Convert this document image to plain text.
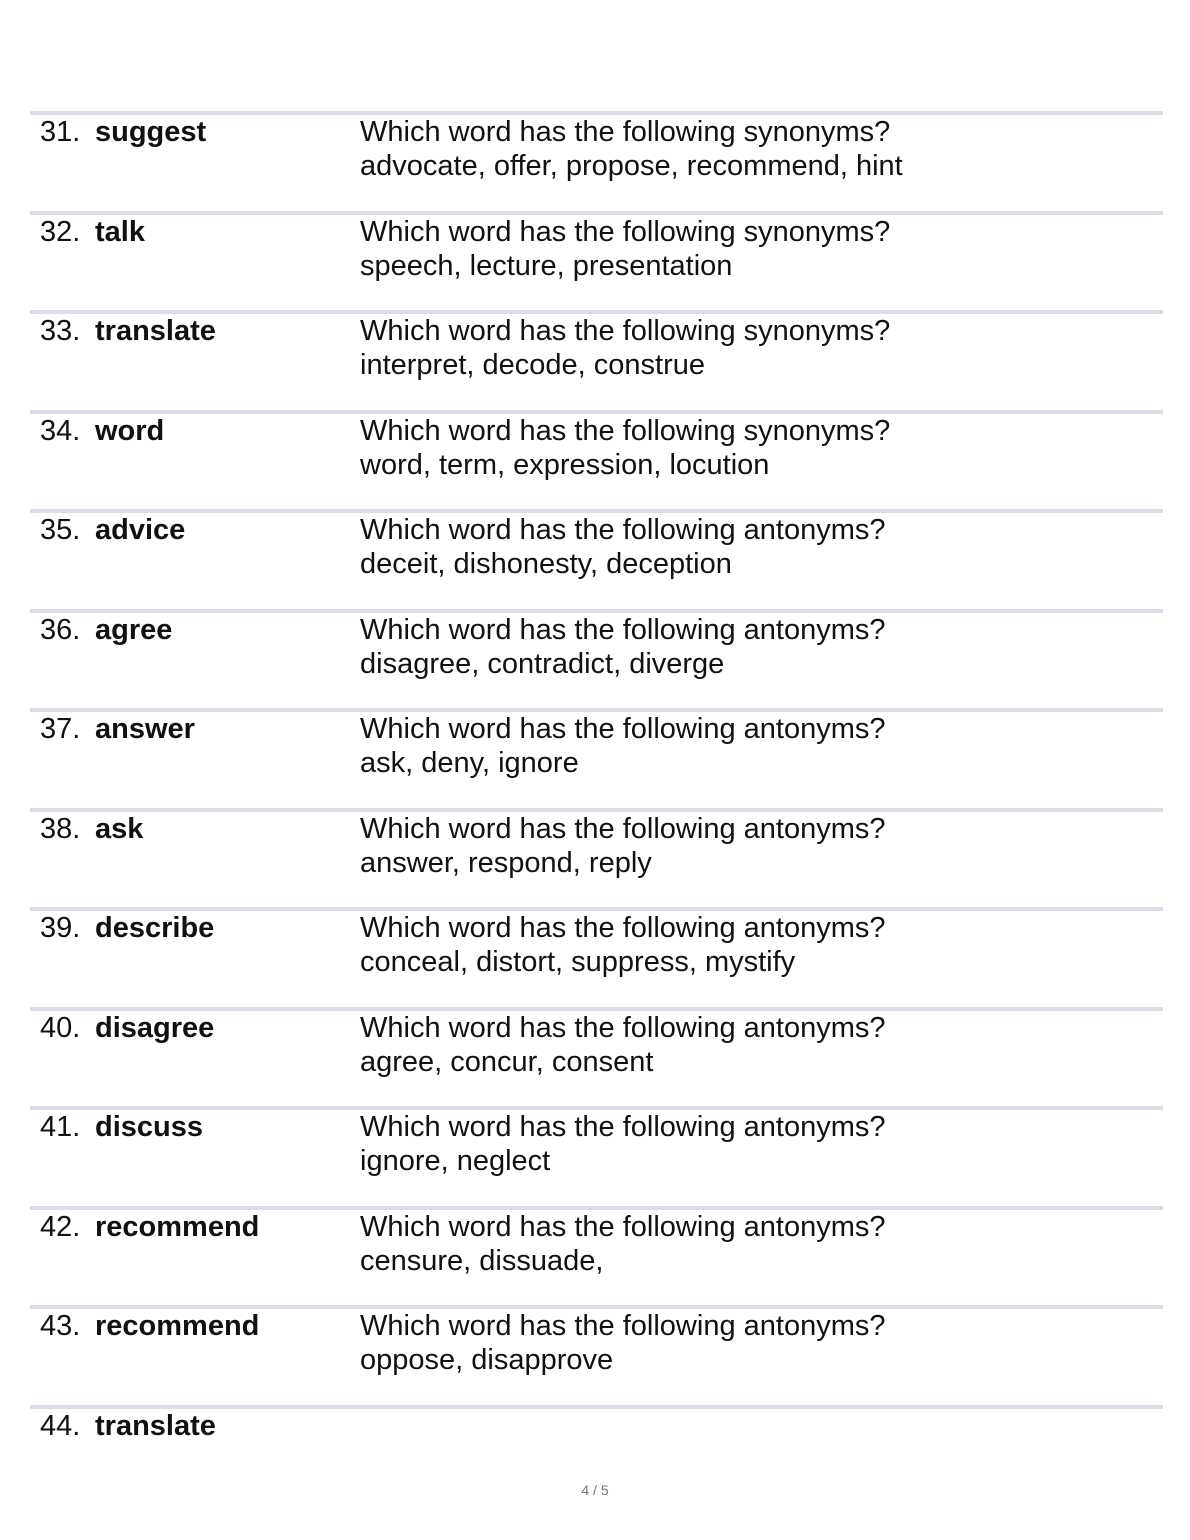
31. suggest	Which word has the following synonyms?
advocate, offer, propose, recommend, hint
32. talk	Which word has the following synonyms?
speech, lecture, presentation
33. translate	Which word has the following synonyms?
interpret, decode, construe
34. word	Which word has the following synonyms?
word, term, expression, locution
35. advice	Which word has the following antonyms?
deceit, dishonesty, deception
36. agree	Which word has the following antonyms?
disagree, contradict, diverge
37. answer	Which word has the following antonyms?
ask, deny, ignore
38. ask	Which word has the following antonyms?
answer, respond, reply
39. describe	Which word has the following antonyms?
conceal, distort, suppress, mystify
40. disagree	Which word has the following antonyms?
agree, concur, consent
41. discuss	Which word has the following antonyms?
ignore, neglect
42. recommend	Which word has the following antonyms?
censure, dissuade,
43. recommend	Which word has the following antonyms?
oppose, disapprove
44. translate
4 / 5
